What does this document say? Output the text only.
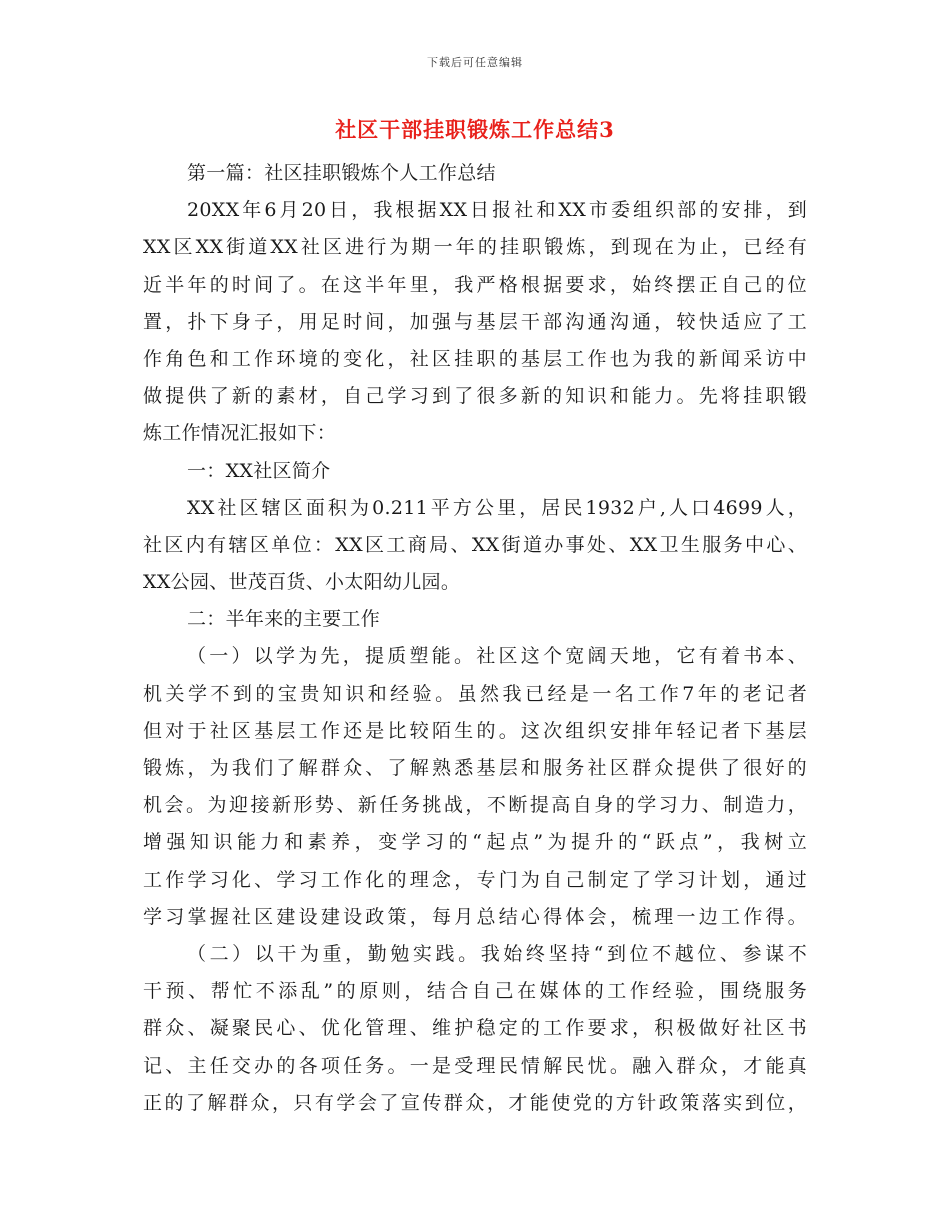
下载后可任意编辑
社区干部挂职锻炼工作总结3
第一篇：社区挂职锻炼个人工作总结
20XX年6月20日，我根据XX日报社和XX市委组织部的安排，到
XX区XX街道XX社区进行为期一年的挂职锻炼，到现在为止，已经有
近半年的时间了。在这半年里，我严格根据要求，始终摆正自己的位
置，扑下身子，用足时间，加强与基层干部沟通沟通，较快适应了工
作角色和工作环境的变化，社区挂职的基层工作也为我的新闻采访中
做提供了新的素材，自己学习到了很多新的知识和能力。先将挂职锻
炼工作情况汇报如下：
一：XX社区简介
XX社区辖区面积为0.211平方公里，居民1932户,人口4699人，
社区内有辖区单位：XX区工商局、XX街道办事处、XX卫生服务中心、
XX公园、世茂百货、小太阳幼儿园。
二：半年来的主要工作
（一）以学为先，提质塑能。社区这个宽阔天地，它有着书本、
机关学不到的宝贵知识和经验。虽然我已经是一名工作7年的老记者
但对于社区基层工作还是比较陌生的。这次组织安排年轻记者下基层
锻炼，为我们了解群众、了解熟悉基层和服务社区群众提供了很好的
机会。为迎接新形势、新任务挑战，不断提高自身的学习力、制造力，
增强知识能力和素养，变学习的“起点”为提升的“跃点”，我树立
工作学习化、学习工作化的理念，专门为自己制定了学习计划，通过
学习掌握社区建设建设政策，每月总结心得体会，梳理一边工作得。
（二）以干为重，勤勉实践。我始终坚持“到位不越位、参谋不
干预、帮忙不添乱”的原则，结合自己在媒体的工作经验，围绕服务
群众、凝聚民心、优化管理、维护稳定的工作要求，积极做好社区书
记、主任交办的各项任务。一是受理民情解民忧。融入群众，才能真
正的了解群众，只有学会了宣传群众，才能使党的方针政策落实到位，
